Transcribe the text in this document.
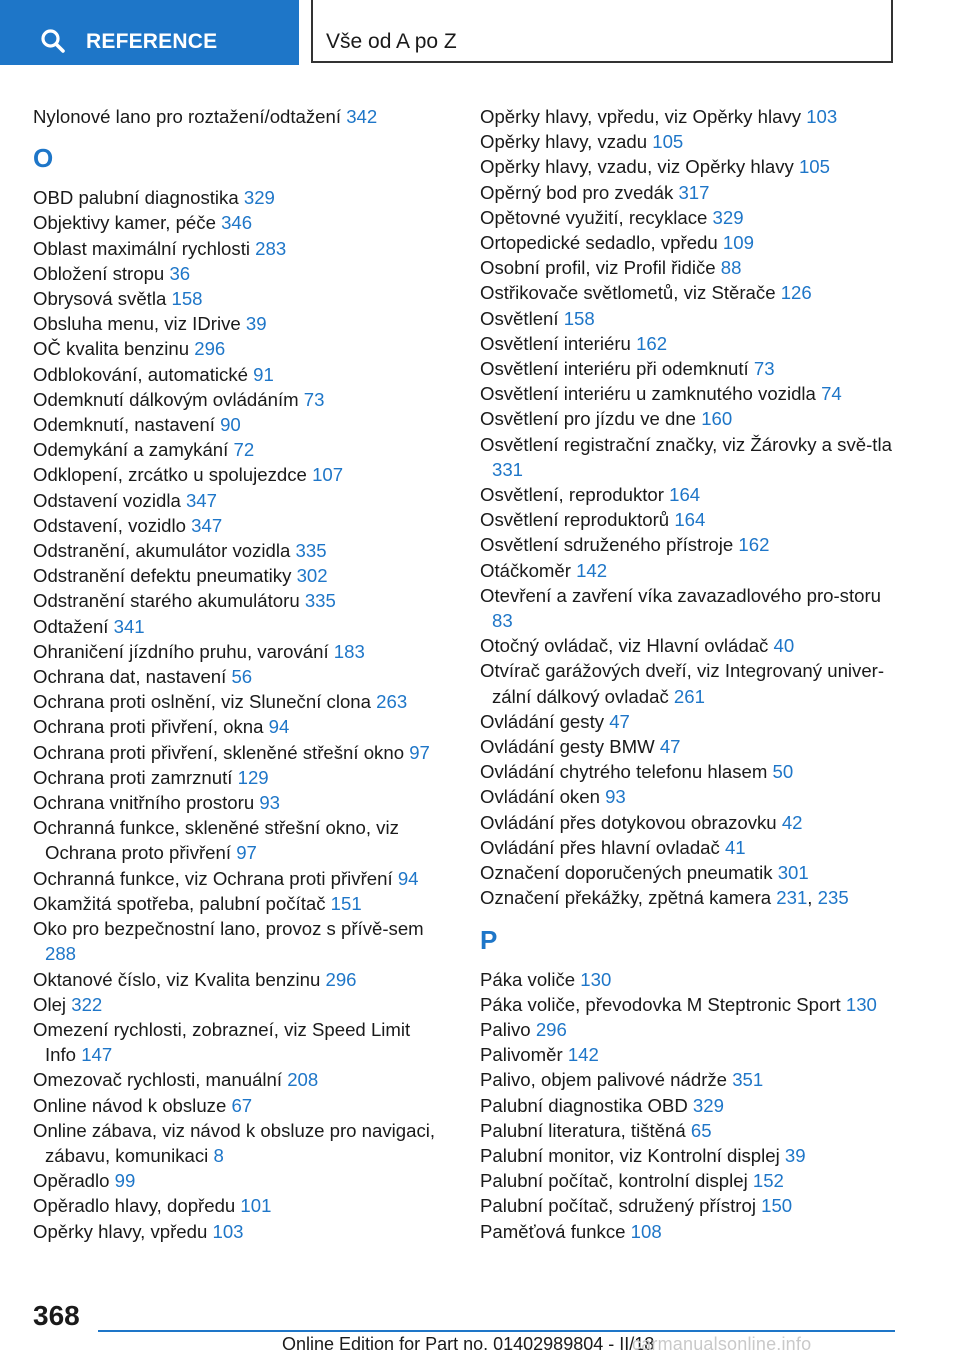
REFERENCE	Vše od A po Z
Nylonové lano pro roztažení/odtažení 342
O
OBD palubní diagnostika 329
Objektivy kamer, péče 346
Oblast maximální rychlosti 283
Obložení stropu 36
Obrysová světla 158
Obsluha menu, viz IDrive 39
OČ kvalita benzinu 296
Odblokování, automatické 91
Odemknutí dálkovým ovládáním 73
Odemknutí, nastavení 90
Odemykání a zamykání 72
Odklopení, zrcátko u spolujezdce 107
Odstavení vozidla 347
Odstavení, vozidlo 347
Odstranění, akumulátor vozidla 335
Odstranění defektu pneumatiky 302
Odstranění starého akumulátoru 335
Odtažení 341
Ohraničení jízdního pruhu, varování 183
Ochrana dat, nastavení 56
Ochrana proti oslnění, viz Sluneční clona 263
Ochrana proti přivření, okna 94
Ochrana proti přivření, skleněné střešní okno 97
Ochrana proti zamrznutí 129
Ochrana vnitřního prostoru 93
Ochranná funkce, skleněné střešní okno, viz Ochrana proto přivření 97
Ochranná funkce, viz Ochrana proti přivření 94
Okamžitá spotřeba, palubní počítač 151
Oko pro bezpečnostní lano, provoz s přívě‐sem 288
Oktanové číslo, viz Kvalita benzinu 296
Olej 322
Omezení rychlosti, zobraznеí, viz Speed Limit Info 147
Omezovač rychlosti, manuální 208
Online návod k obsluze 67
Online zábava, viz návod k obsluze pro navigaci, zábavu, komunikaci 8
Opěradlo 99
Opěradlo hlavy, dopředu 101
Opěrky hlavy, vpředu 103
Opěrky hlavy, vpředu, viz Opěrky hlavy 103
Opěrky hlavy, vzadu 105
Opěrky hlavy, vzadu, viz Opěrky hlavy 105
Opěrný bod pro zvedák 317
Opětovné využití, recyklace 329
Ortopedické sedadlo, vpředu 109
Osobní profil, viz Profil řidiče 88
Ostřikovače světlometů, viz Stěrače 126
Osvětlení 158
Osvětlení interiéru 162
Osvětlení interiéru při odemknutí 73
Osvětlení interiéru u zamknutého vozidla 74
Osvětlení pro jízdu ve dne 160
Osvětlení registrační značky, viz Žárovky a svě‐tla 331
Osvětlení, reproduktor 164
Osvětlení reproduktorů 164
Osvětlení sdruženého přístroje 162
Otáčkoměr 142
Otevření a zavření víka zavazadlového pro‐storu 83
Otočný ovládač, viz Hlavní ovládač 40
Otvírač garážových dveří, viz Integrovaný univer‐zální dálkový ovladač 261
Ovládání gesty 47
Ovládání gesty BMW 47
Ovládání chytrého telefonu hlasem 50
Ovládání oken 93
Ovládání přes dotykovou obrazovku 42
Ovládání přes hlavní ovladač 41
Označení doporučených pneumatik 301
Označení překážky, zpětná kamera 231, 235
P
Páka voliče 130
Páka voliče, převodovka M Steptronic Sport 130
Palivo 296
Palivoměr 142
Palivo, objem palivové nádrže 351
Palubní diagnostika OBD 329
Palubní literatura, tištěná 65
Palubní monitor, viz Kontrolní displej 39
Palubní počítač, kontrolní displej 152
Palubní počítač, sdružený přístroj 150
Paměťová funkce 108
368
Online Edition for Part no. 01402989804 - II/18
carmanualsonline.info
